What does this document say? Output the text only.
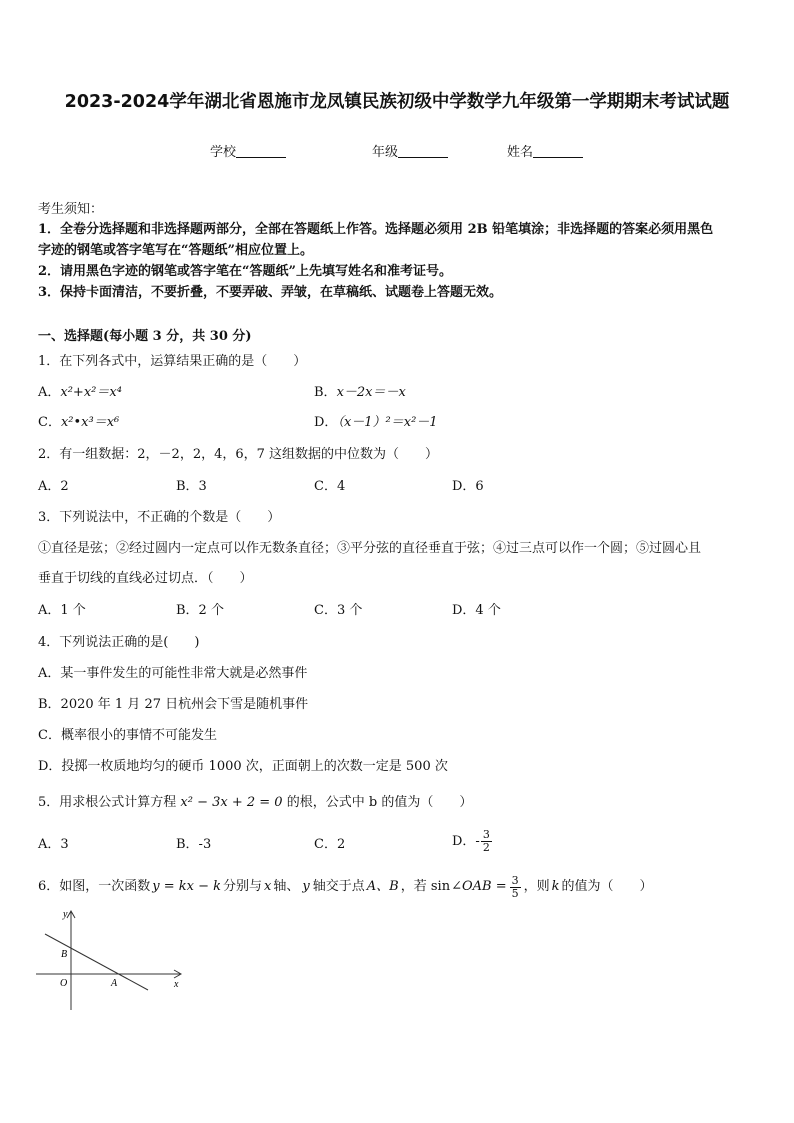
2023-2024学年湖北省恩施市龙凤镇民族初级中学数学九年级第一学期期末考试试题
学校	年级	姓名
考生须知：
1．全卷分选择题和非选择题两部分，全部在答题纸上作答。选择题必须用 2B 铅笔填涂；非选择题的答案必须用黑色
字迹的钢笔或答字笔写在“答题纸”相应位置上。
2．请用黑色字迹的钢笔或答字笔在“答题纸”上先填写姓名和准考证号。
3．保持卡面清洁，不要折叠，不要弄破、弄皱，在草稿纸、试题卷上答题无效。
一、选择题(每小题 3 分，共 30 分)
1．在下列各式中，运算结果正确的是（　　）
A．x²+x²＝x⁴	B．x－2x＝－x
C．x²•x³＝x⁶	D．（x－1）²＝x²－1
2．有一组数据：2，－2，2，4，6，7 这组数据的中位数为（　　）
A．2	B．3	C．4	D．6
3．下列说法中，不正确的个数是（　　）
①直径是弦；②经过圆内一定点可以作无数条直径；③平分弦的直径垂直于弦；④过三点可以作一个圆；⑤过圆心且
垂直于切线的直线必过切点．（　　）
A．1 个	B．2 个	C．3 个	D．4 个
4．下列说法正确的是(　　)
A．某一事件发生的可能性非常大就是必然事件
B．2020 年 1 月 27 日杭州会下雪是随机事件
C．概率很小的事情不可能发生
D．投掷一枚质地均匀的硬币 1000 次，正面朝上的次数一定是 500 次
5．用求根公式计算方程 x² − 3x + 2 = 0 的根，公式中 b 的值为（　　）
A．3	B．-3	C．2	D．- $\frac{3}{2}$
6．如图，一次函数 y = kx − k 分别与 x 轴、 y 轴交于点 A、B ，若 sin ∠OAB = $\frac{3}{5}$ ，则 k 的值为（　　）
y
x
O	A
B
